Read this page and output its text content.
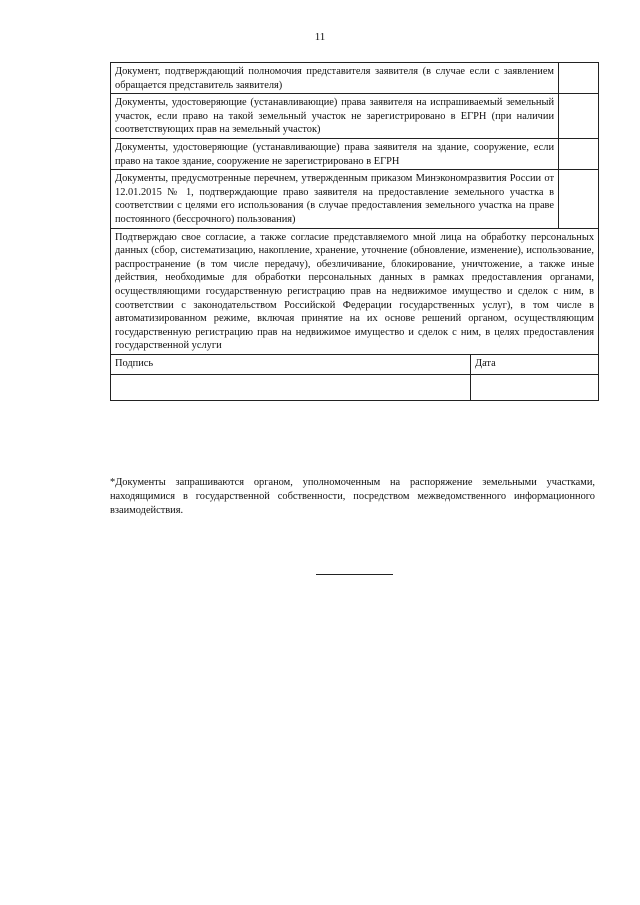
11
Документ, подтверждающий полномочия представителя заявителя (в случае если с заявлением обращается представитель заявителя)		
Документы, удостоверяющие (устанавливающие) права заявителя на испрашиваемый земельный участок, если право на такой земельный участок не зарегистрировано в ЕГРН (при наличии соответствующих прав на земельный участок)		
Документы, удостоверяющие (устанавливающие) права заявителя на здание, сооружение, если право на такое здание, сооружение не зарегистрировано в ЕГРН		
Документы, предусмотренные перечнем, утвержденным приказом Минэкономразвития России от 12.01.2015 № 1, подтверждающие право заявителя на предоставление земельного участка в соответствии с целями его использования (в случае предоставления земельного участка на праве постоянного (бессрочного) пользования)		
Подтверждаю свое согласие, а также согласие представляемого мной лица на обработку персональных данных (сбор, систематизацию, накопление, хранение, уточнение (обновление, изменение), использование, распространение (в том числе передачу), обезличивание, блокирование, уничтожение, а также иные действия, необходимые для обработки персональных данных в рамках предоставления органами, осуществляющими государственную регистрацию прав на недвижимое имущество и сделок с ним, в соответствии с законодательством Российской Федерации государственных услуг), в том числе в автоматизированном режиме, включая принятие на их основе решений органом, осуществляющим государственную регистрацию прав на недвижимое имущество и сделок с ним, в целях предоставления государственной услуги		
Подпись	Дата	

*Документы запрашиваются органом, уполномоченным на распоряжение земельными участками, находящимися в государственной собственности, посредством межведомственного информационного взаимодействия.
